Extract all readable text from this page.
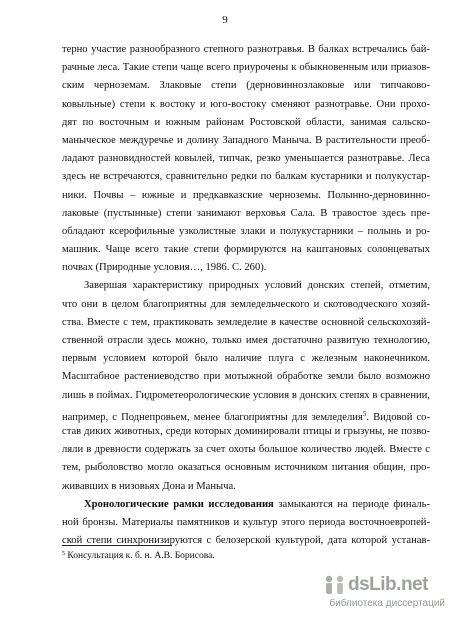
9
терно участие разнообразного степного разнотравья. В балках встречались бай-
рачные леса. Такие степи чаще всего приурочены к обыкновенным или приазов-
ским черноземам. Злаковые степи (дерновиннозлаковые или типчаково-
ковыльные) степи к востоку и юго-востоку сменяют разнотравье. Они прохо-
дят по восточным и южным районам Ростовской области, занимая сальско-
маныческое междуречье и долину Западного Маныча. В растительности преоб-
ладают разновидностей ковылей, типчак, резко уменьшается разнотравье. Леса
здесь не встречаются, сравнительно редки по балкам кустарники и полукустар-
ники. Почвы – южные и предкавказские черноземы. Полынно-дерновинно-
лаковые (пустынные) степи занимают верховья Сала. В травостое здесь пре-
обладают ксерофильные узколистные злаки и полукустарники – полынь и ро-
машник. Чаще всего такие степи формируются на каштановых солонцеватых
почвах (Природные условия…, 1986. С. 260).
Завершая характеристику природных условий донских степей, отметим,
что они в целом благоприятны для земледельческого и скотоводческого хозяй-
ства. Вместе с тем, практиковать земледелие в качестве основной сельскохозяй-
ственной отрасли здесь можно, только имея достаточно развитую технологию,
первым условием которой было наличие плуга с железным наконечником.
Масштабное растениеводство при мотыжной обработке земли было возможно
лишь в поймах. Гидрометеорологические условия в донских степях в сравнении,
например, с Поднепровьем, менее благоприятны для земледелия$^5$. Видовой со-
став диких животных, среди которых доминировали птицы и грызуны, не позво-
ляли в древности содержать за счет охоты большое количество людей. Вместе с
тем, рыболовство могло оказаться основным источником питания общин, про-
живавших в низовьях Дона и Маныча.
Хронологические рамки исследования замыкаются на периоде финаль-
ной бронзы. Материалы памятников и культур этого периода восточноевропей-
ской степи синхронизируются с белозерской культурой, дата которой устанав-
$^5$ Консультация к. б. н. А.В. Борисова.
dsLib.net
библиотека диссертаций
